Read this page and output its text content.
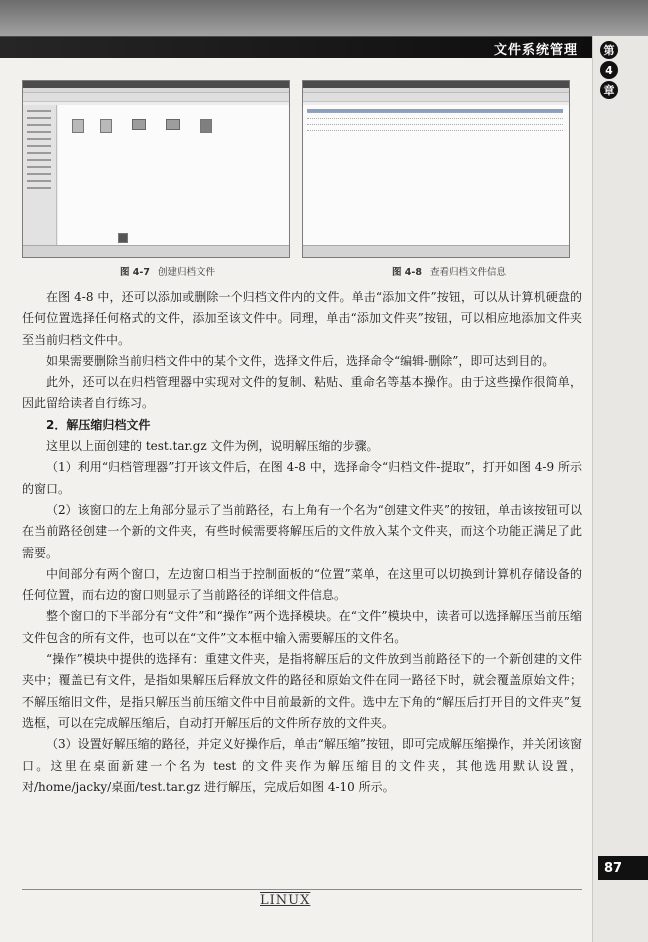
文件系统管理	第
4
章
图 4-7 创建归档文件	图 4-8 查看归档文件信息

在图 4-8 中，还可以添加或删除一个归档文件内的文件。单击“添加文件”按钮，可以从计算机硬盘的任何位置选择任何格式的文件，添加至该文件中。同理，单击“添加文件夹”按钮，可以相应地添加文件夹至当前归档文件中。

如果需要删除当前归档文件中的某个文件，选择文件后，选择命令“编辑-删除”，即可达到目的。

此外，还可以在归档管理器中实现对文件的复制、粘贴、重命名等基本操作。由于这些操作很简单，因此留给读者自行练习。

2．解压缩归档文件

这里以上面创建的 test.tar.gz 文件为例，说明解压缩的步骤。

（1）利用“归档管理器”打开该文件后，在图 4-8 中，选择命令“归档文件-提取”，打开如图 4-9 所示的窗口。

（2）该窗口的左上角部分显示了当前路径，右上角有一个名为“创建文件夹”的按钮，单击该按钮可以在当前路径创建一个新的文件夹，有些时候需要将解压后的文件放入某个文件夹，而这个功能正满足了此需要。

中间部分有两个窗口，左边窗口相当于控制面板的“位置”菜单，在这里可以切换到计算机存储设备的任何位置，而右边的窗口则显示了当前路径的详细文件信息。

整个窗口的下半部分有“文件”和“操作”两个选择模块。在“文件”模块中，读者可以选择解压当前压缩文件包含的所有文件，也可以在“文件”文本框中输入需要解压的文件名。

“操作”模块中提供的选择有：重建文件夹，是指将解压后的文件放到当前路径下的一个新创建的文件夹中；覆盖已有文件，是指如果解压后释放文件的路径和原始文件在同一路径下时，就会覆盖原始文件；不解压缩旧文件，是指只解压当前压缩文件中目前最新的文件。选中左下角的“解压后打开目的文件夹”复选框，可以在完成解压缩后，自动打开解压后的文件所存放的文件夹。

（3）设置好解压缩的路径，并定义好操作后，单击“解压缩”按钮，即可完成解压缩操作，并关闭该窗口。这里在桌面新建一个名为 test 的文件夹作为解压缩目的文件夹，其他选用默认设置，对/home/jacky/桌面/test.tar.gz 进行解压，完成后如图 4-10 所示。

LINUX
87
